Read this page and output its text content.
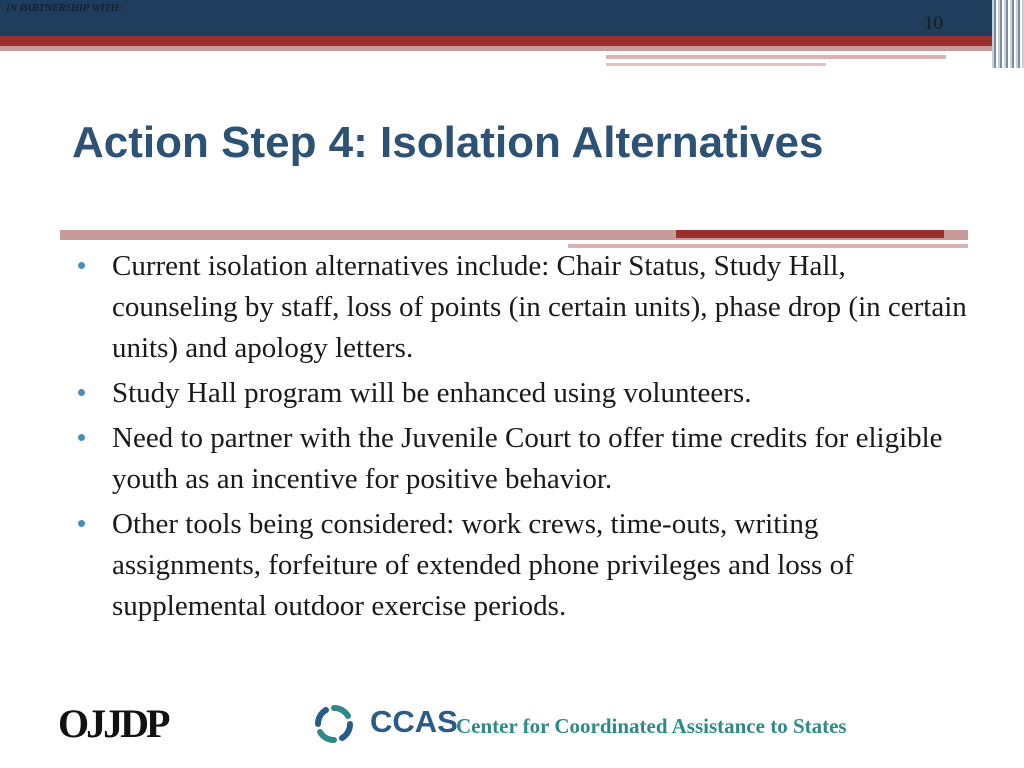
IN PARTNERSHIP WITH:
10
Action Step 4: Isolation Alternatives
Current isolation alternatives include: Chair Status, Study Hall, counseling by staff, loss of points (in certain units), phase drop (in certain units) and apology letters.
Study Hall program will be enhanced using volunteers.
Need to partner with the Juvenile Court to offer time credits for eligible youth as an incentive for positive behavior.
Other tools being considered: work crews, time-outs, writing assignments, forfeiture of extended phone privileges and loss of supplemental outdoor exercise periods.
OJJDP	CCAS
Center for Coordinated Assistance to States
